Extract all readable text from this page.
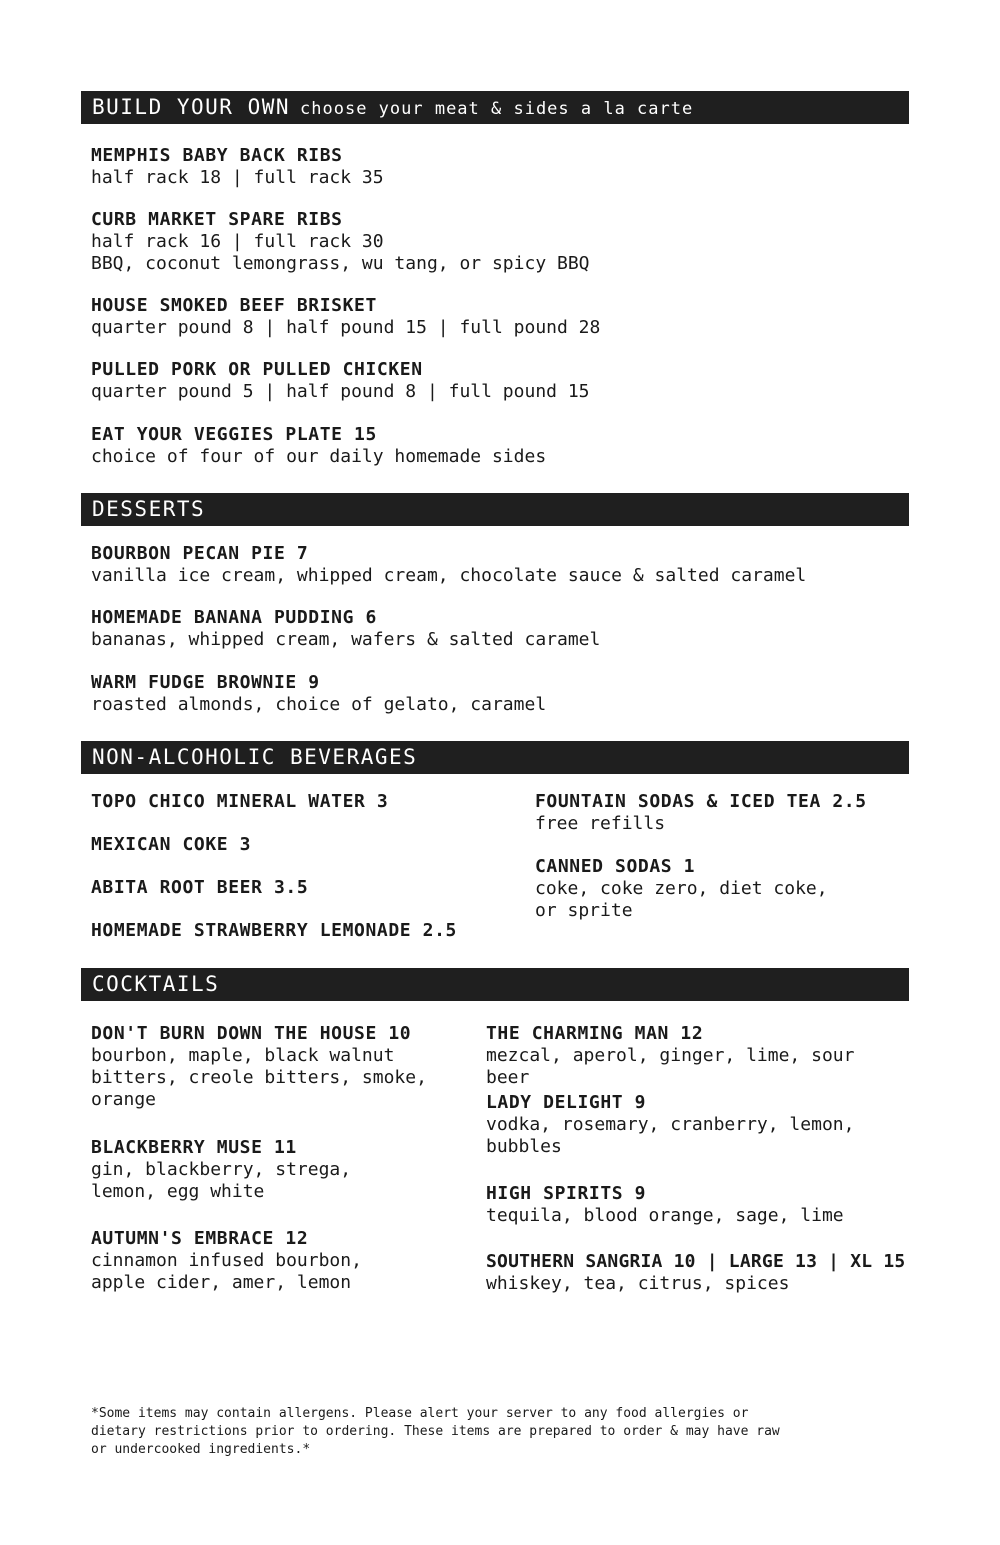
BUILD YOUR OWN choose your meat & sides a la carte
MEMPHIS BABY BACK RIBS
half rack 18 | full rack 35
CURB MARKET SPARE RIBS
half rack 16 | full rack 30
BBQ, coconut lemongrass, wu tang, or spicy BBQ
HOUSE SMOKED BEEF BRISKET
quarter pound 8 | half pound 15 | full pound 28
PULLED PORK OR PULLED CHICKEN
quarter pound 5 | half pound 8 | full pound 15
EAT YOUR VEGGIES PLATE 15
choice of four of our daily homemade sides
DESSERTS
BOURBON PECAN PIE 7
vanilla ice cream, whipped cream, chocolate sauce & salted caramel
HOMEMADE BANANA PUDDING 6
bananas, whipped cream, wafers & salted caramel
WARM FUDGE BROWNIE 9
roasted almonds, choice of gelato, caramel
NON-ALCOHOLIC BEVERAGES
TOPO CHICO MINERAL WATER 3
MEXICAN COKE 3
ABITA ROOT BEER 3.5
HOMEMADE STRAWBERRY LEMONADE 2.5
FOUNTAIN SODAS & ICED TEA 2.5
free refills
CANNED SODAS 1
coke, coke zero, diet coke,
or sprite
COCKTAILS
DON'T BURN DOWN THE HOUSE 10
bourbon, maple, black walnut bitters, creole bitters, smoke, orange
BLACKBERRY MUSE 11
gin, blackberry, strega, lemon, egg white
AUTUMN'S EMBRACE 12
cinnamon infused bourbon, apple cider, amer, lemon
THE CHARMING MAN 12
mezcal, aperol, ginger, lime, sour beer
LADY DELIGHT 9
vodka, rosemary, cranberry, lemon, bubbles
HIGH SPIRITS 9
tequila, blood orange, sage, lime
SOUTHERN SANGRIA 10 | LARGE 13 | XL 15
whiskey, tea, citrus, spices
*Some items may contain allergens. Please alert your server to any food allergies or
dietary restrictions prior to ordering. These items are prepared to order & may have raw
or undercooked ingredients.*
